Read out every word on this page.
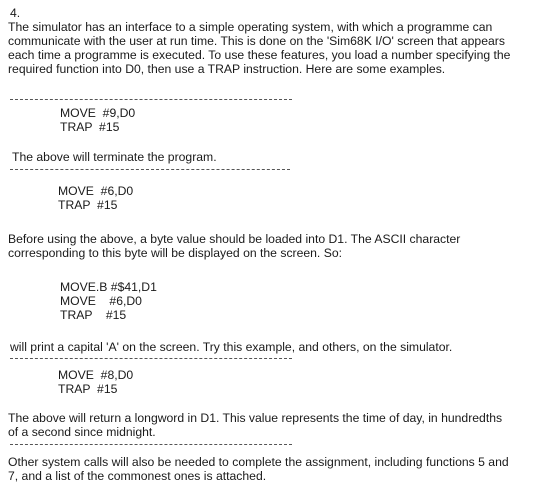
4.
The simulator has an interface to a simple operating system, with which a programme can
communicate with the user at run time. This is done on the 'Sim68K I/O' screen that appears
each time a programme is executed. To use these features, you load a number specifying the
required function into D0, then use a TRAP instruction. Here are some examples.
MOVE  #9,D0
TRAP  #15
The above will terminate the program.
MOVE  #6,D0
TRAP  #15
Before using the above, a byte value should be loaded into D1. The ASCII character
corresponding to this byte will be displayed on the screen. So:
MOVE.B #$41,D1
MOVE    #6,D0
TRAP    #15
will print a capital 'A' on the screen. Try this example, and others, on the simulator.
MOVE  #8,D0
TRAP  #15
The above will return a longword in D1. This value represents the time of day, in hundredths
of a second since midnight.
Other system calls will also be needed to complete the assignment, including functions 5 and
7, and a list of the commonest ones is attached.
